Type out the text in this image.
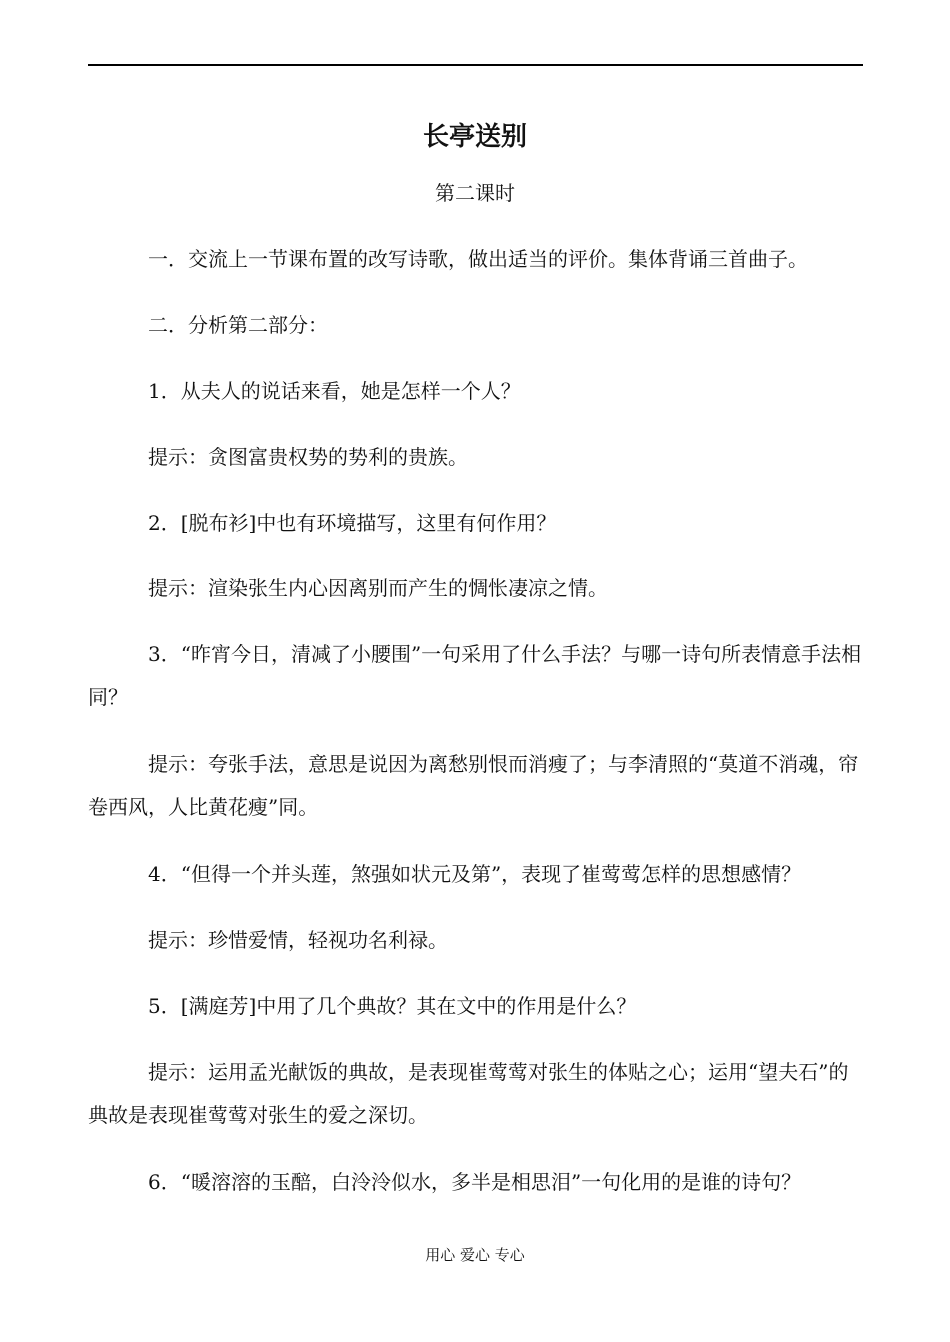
长亭送别
第二课时
一．交流上一节课布置的改写诗歌，做出适当的评价。集体背诵三首曲子。
二．分析第二部分：
1．从夫人的说话来看，她是怎样一个人？
提示：贪图富贵权势的势利的贵族。
2．[脱布衫]中也有环境描写，这里有何作用？
提示：渲染张生内心因离别而产生的惆怅凄凉之情。
3．“昨宵今日，清减了小腰围”一句采用了什么手法？与哪一诗句所表情意手法相同？
提示：夸张手法，意思是说因为离愁别恨而消瘦了；与李清照的“莫道不消魂，帘卷西风，人比黄花瘦”同。
4．“但得一个并头莲，煞强如状元及第”，表现了崔莺莺怎样的思想感情？
提示：珍惜爱情，轻视功名利禄。
5．[满庭芳]中用了几个典故？其在文中的作用是什么？
提示：运用孟光献饭的典故，是表现崔莺莺对张生的体贴之心；运用“望夫石”的典故是表现崔莺莺对张生的爱之深切。
6．“暖溶溶的玉醅，白泠泠似水，多半是相思泪”一句化用的是谁的诗句？
用心 爱心 专心
